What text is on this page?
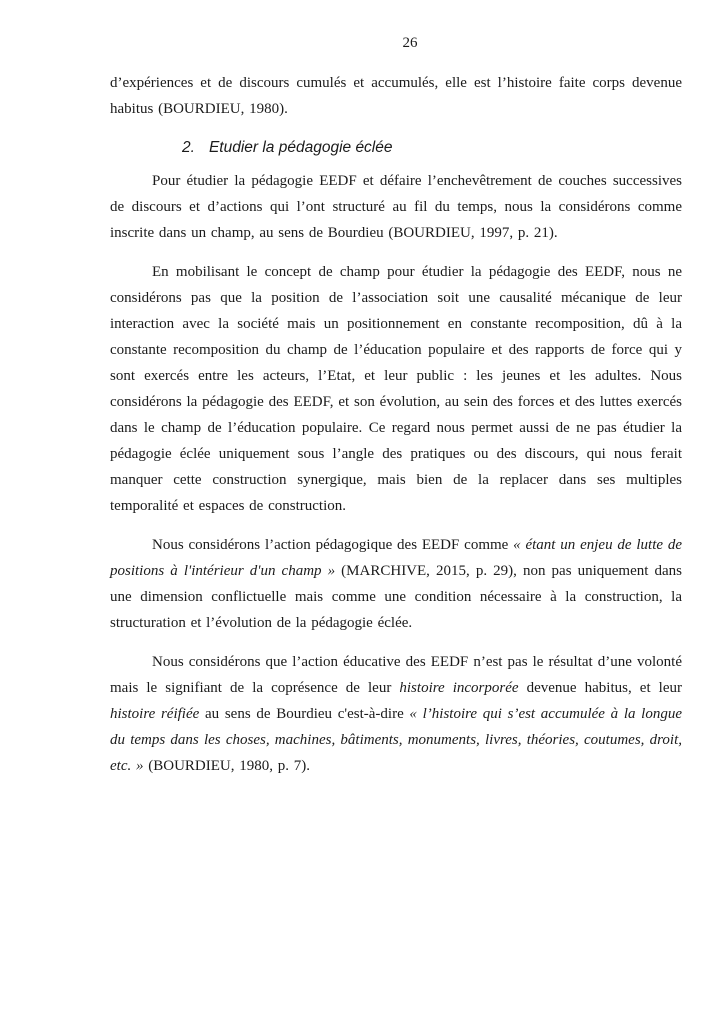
26

d’expériences et de discours cumulés et accumulés, elle est l’histoire faite corps devenue habitus (BOURDIEU, 1980).

2. Etudier la pédagogie éclée

Pour étudier la pédagogie EEDF et défaire l’enchevêtrement de couches successives de discours et d’actions qui l’ont structuré au fil du temps, nous la considérons comme inscrite dans un champ, au sens de Bourdieu (BOURDIEU, 1997, p. 21).

En mobilisant le concept de champ pour étudier la pédagogie des EEDF, nous ne considérons pas que la position de l’association soit une causalité mécanique de leur interaction avec la société mais un positionnement en constante recomposition, dû à la constante recomposition du champ de l’éducation populaire et des rapports de force qui y sont exercés entre les acteurs, l’Etat, et leur public : les jeunes et les adultes. Nous considérons la pédagogie des EEDF, et son évolution, au sein des forces et des luttes exercés dans le champ de l’éducation populaire. Ce regard nous permet aussi de ne pas étudier la pédagogie éclée uniquement sous l’angle des pratiques ou des discours, qui nous ferait manquer cette construction synergique, mais bien de la replacer dans ses multiples temporalité et espaces de construction.

Nous considérons l’action pédagogique des EEDF comme « étant un enjeu de lutte de positions à l'intérieur d'un champ » (MARCHIVE, 2015, p. 29), non pas uniquement dans une dimension conflictuelle mais comme une condition nécessaire à la construction, la structuration et l’évolution de la pédagogie éclée.

Nous considérons que l’action éducative des EEDF n’est pas le résultat d’une volonté mais le signifiant de la coprésence de leur histoire incorporée devenue habitus, et leur histoire réifiée au sens de Bourdieu c'est-à-dire « l’histoire qui s’est accumulée à la longue du temps dans les choses, machines, bâtiments, monuments, livres, théories, coutumes, droit, etc. » (BOURDIEU, 1980, p. 7).
